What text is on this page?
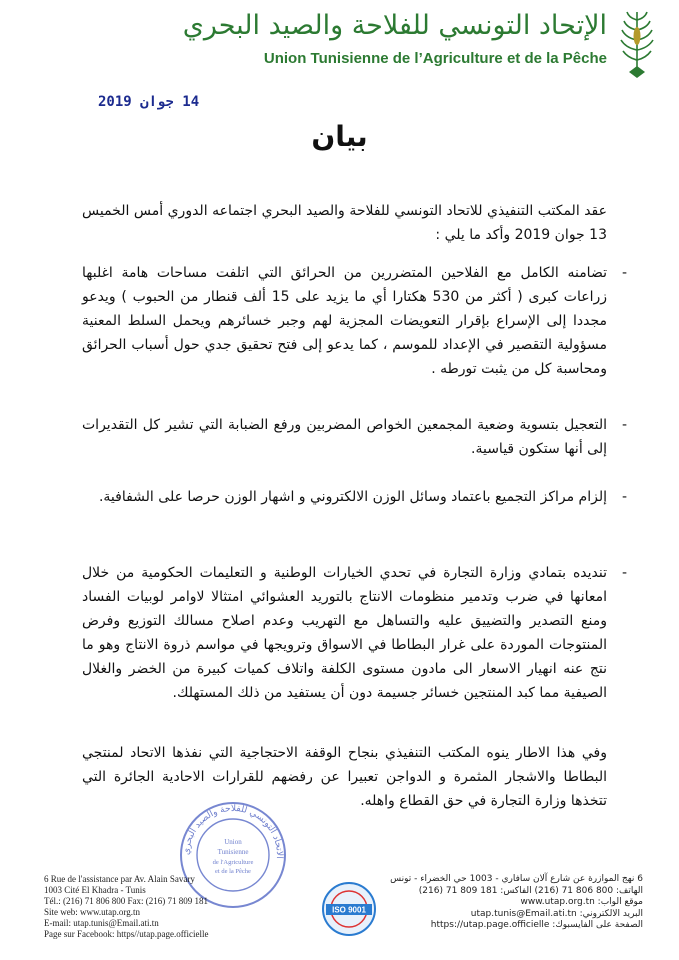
الإتحاد التونسي للفلاحة والصيد البحري
Union Tunisienne de l’Agriculture et de la Pêche
14 جوان 2019
بيان
عقد المكتب التنفيذي للاتحاد التونسي للفلاحة والصيد البحري اجتماعه الدوري أمس الخميس 13 جوان 2019 وأكد ما يلي :
-
تضامنه الكامل مع الفلاحين المتضررين من الحرائق التي اتلفت مساحات هامة اغلبها زراعات كبرى ( أكثر من 530 هكتارا أي ما يزيد على 15 ألف قنطار من الحبوب ) ويدعو مجددا إلى الإسراع بإقرار التعويضات المجزية لهم وجبر خسائرهم ويحمل السلط المعنية مسؤولية التقصير في الإعداد للموسم ، كما يدعو إلى فتح تحقيق جدي حول أسباب الحرائق ومحاسبة كل من يثبت تورطه .
-
التعجيل بتسوية وضعية المجمعين الخواص المضربين ورفع الضبابة التي تشير كل التقديرات إلى أنها ستكون قياسية.
-
إلزام مراكز التجميع باعتماد وسائل الوزن الالكتروني و اشهار الوزن حرصا على الشفافية.
-
تنديده بتمادي وزارة التجارة في تحدي الخيارات الوطنية و التعليمات الحكومية من خلال امعانها في ضرب وتدمير منظومات الانتاج بالتوريد العشوائي امتثالا لاوامر لوبيات الفساد ومنع التصدير والتضييق عليه والتساهل مع التهريب وعدم اصلاح مسالك التوزيع وفرض المنتوجات الموردة على غرار البطاطا في الاسواق وترويجها في مواسم ذروة الانتاج وهو ما نتج عنه انهيار الاسعار الى مادون مستوى الكلفة واتلاف كميات كبيرة من الخضر والغلال الصيفية مما كبد المنتجين خسائر جسيمة دون أن يستفيد من ذلك المستهلك.
وفي هذا الاطار ينوه المكتب التنفيذي بنجاح الوقفة الاحتجاجية التي نفذها الاتحاد لمنتجي البطاطا والاشجار المثمرة و الدواجن تعبيرا عن رفضهم للقرارات الاحادية الجائرة التي تتخذها وزارة التجارة في حق القطاع واهله.
الاتحاد التونسي للفلاحة والصيد البحري
Union
Tunisienne
de l'Agriculture
et de la Pêche
ISO 9001
6 Rue de l'assistance par Av. Alain Savary
1003 Cité El Khadra - Tunis
Tél.: (216) 71 806 800 Fax: (216) 71 809 181
Site web: www.utap.org.tn
E-mail: utap.tunis@Email.ati.tn
Page sur Facebook: https//utap.page.officielle
6 نهج الموازرة عن شارع آلان سافاري - 1003 حي الخضراء - تونس
الهاتف: 800 806 71 (216) الفاكس: 181 809 71 (216)
موقع الواب: www.utap.org.tn
البريد الالكتروني: utap.tunis@Email.ati.tn
الصفحة على الفايسبوك: https://utap.page.officielle
